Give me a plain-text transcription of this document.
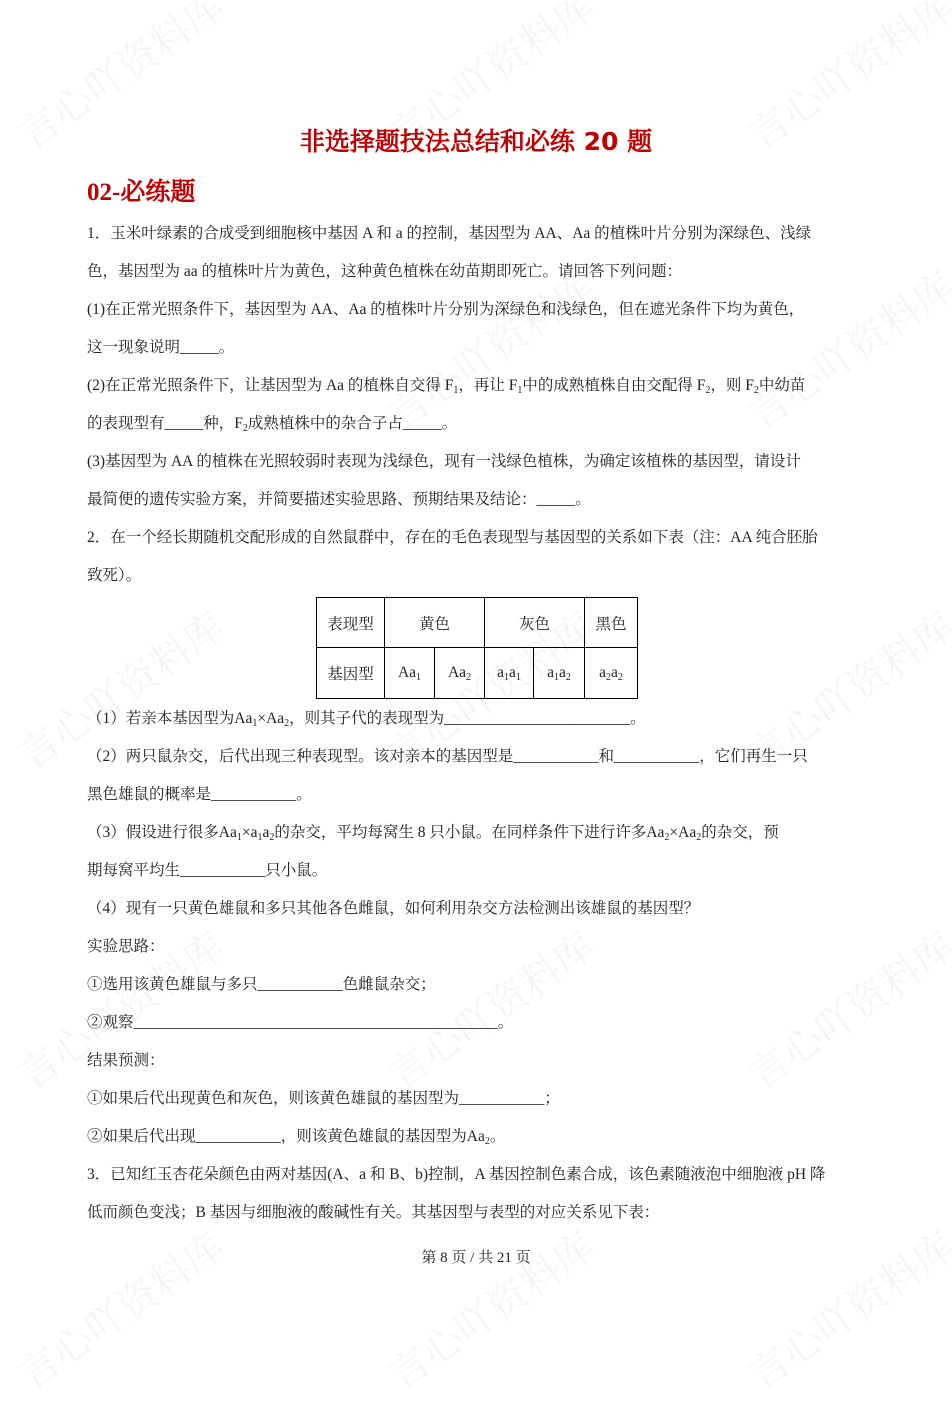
非选择题技法总结和必练 20 题
02-必练题
1．玉米叶绿素的合成受到细胞核中基因 A 和 a 的控制，基因型为 AA、Aa 的植株叶片分别为深绿色、浅绿
色，基因型为 aa 的植株叶片为黄色，这种黄色植株在幼苗期即死亡。请回答下列问题：
(1)在正常光照条件下，基因型为 AA、Aa 的植株叶片分别为深绿色和浅绿色，但在遮光条件下均为黄色，
这一现象说明_____。
(2)在正常光照条件下，让基因型为 Aa 的植株自交得 $F_1$，再让 $F_1$中的成熟植株自由交配得 $F_2$，则 $F_2$中幼苗
的表现型有_____种，$F_2$成熟植株中的杂合子占_____。
(3)基因型为 AA 的植株在光照较弱时表现为浅绿色，现有一浅绿色植株，为确定该植株的基因型，请设计
最简便的遗传实验方案，并简要描述实验思路、预期结果及结论：_____。
2．在一个经长期随机交配形成的自然鼠群中，存在的毛色表现型与基因型的关系如下表（注：AA 纯合胚胎
致死）。
表现型	黄色		灰色		黑色
基因型	$Aa_1$	$Aa_2$	$a_1a_1$	$a_1a_2$	$a_2a_2$
（1）若亲本基因型为$Aa_1\times Aa_2$，则其子代的表现型为________________________。
（2）两只鼠杂交，后代出现三种表现型。该对亲本的基因型是___________和___________，它们再生一只
黑色雄鼠的概率是___________。
（3）假设进行很多$Aa_1\times a_1a_2$的杂交，平均每窝生 8 只小鼠。在同样条件下进行许多$Aa_2\times Aa_2$的杂交，预
期每窝平均生___________只小鼠。
（4）现有一只黄色雄鼠和多只其他各色雌鼠，如何利用杂交方法检测出该雄鼠的基因型？
实验思路：
①选用该黄色雄鼠与多只___________色雌鼠杂交；
②观察_______________________________________________。
结果预测：
①如果后代出现黄色和灰色，则该黄色雄鼠的基因型为___________；
②如果后代出现___________，则该黄色雄鼠的基因型为$Aa_2$。
3．已知红玉杏花朵颜色由两对基因(A、a 和 B、b)控制，A 基因控制色素合成，该色素随液泡中细胞液 pH 降
低而颜色变浅；B 基因与细胞液的酸碱性有关。其基因型与表型的对应关系见下表：
第 8 页 / 共 21 页
